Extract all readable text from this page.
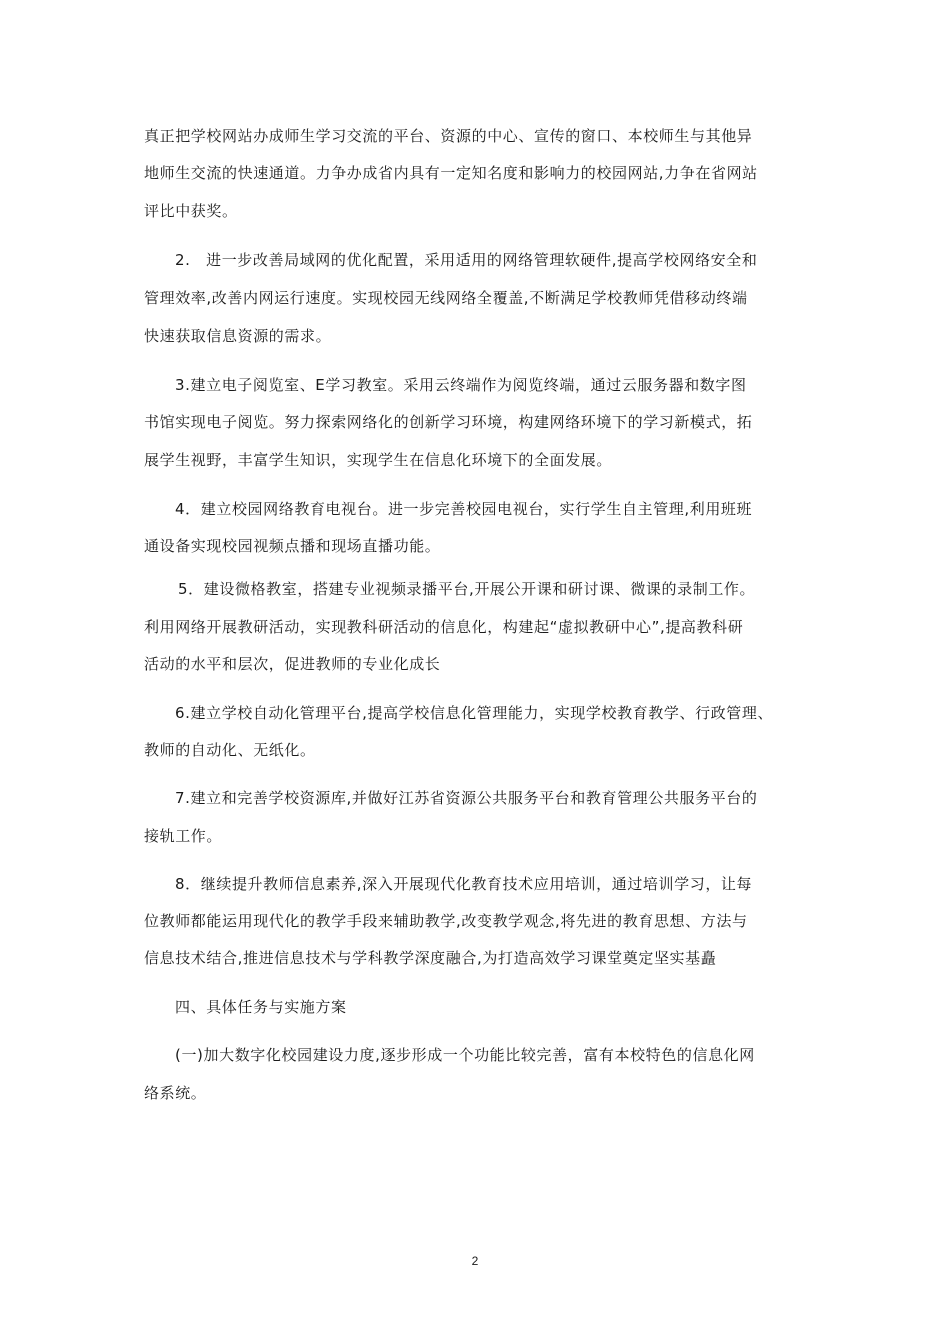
真正把学校网站办成师生学习交流的平台、资源的中心、宣传的窗口、本校师生与其他异
地师生交流的快速通道。力争办成省内具有一定知名度和影响力的校园网站,力争在省网站
评比中获奖。
2.　进一步改善局域网的优化配置，采用适用的网络管理软硬件,提高学校网络安全和
管理效率,改善内网运行速度。实现校园无线网络全覆盖,不断满足学校教师凭借移动终端
快速获取信息资源的需求。
3.建立电子阅览室、E学习教室。采用云终端作为阅览终端，通过云服务器和数字图
书馆实现电子阅览。努力探索网络化的创新学习环境，构建网络环境下的学习新模式，拓
展学生视野，丰富学生知识，实现学生在信息化环境下的全面发展。
4．建立校园网络教育电视台。进一步完善校园电视台，实行学生自主管理,利用班班
通设备实现校园视频点播和现场直播功能。
5．建设微格教室，搭建专业视频录播平台,开展公开课和研讨课、微课的录制工作。
利用网络开展教研活动，实现教科研活动的信息化，构建起“虚拟教研中心”,提高教科研
活动的水平和层次，促进教师的专业化成长
6.建立学校自动化管理平台,提高学校信息化管理能力，实现学校教育教学、行政管理、
教师的自动化、无纸化。
7.建立和完善学校资源库,并做好江苏省资源公共服务平台和教育管理公共服务平台的
接轨工作。
8．继续提升教师信息素养,深入开展现代化教育技术应用培训，通过培训学习，让每
位教师都能运用现代化的教学手段来辅助教学,改变教学观念,将先进的教育思想、方法与
信息技术结合,推进信息技术与学科教学深度融合,为打造高效学习课堂奠定坚实基矗
四、具体任务与实施方案
(一)加大数字化校园建设力度,逐步形成一个功能比较完善，富有本校特色的信息化网
络系统。
2
